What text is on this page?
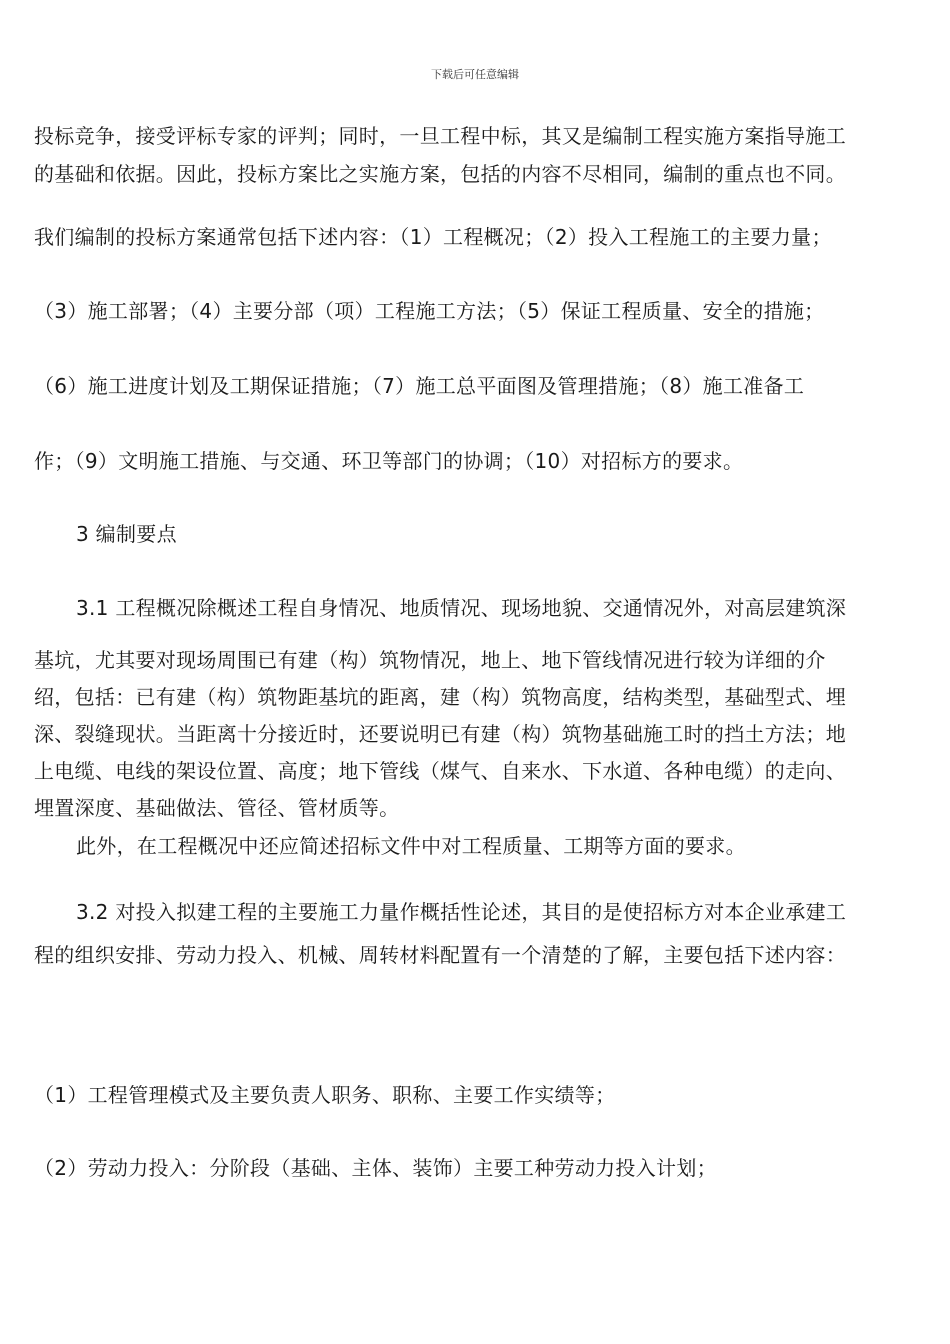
下载后可任意编辑
投标竞争，接受评标专家的评判；同时，一旦工程中标，其又是编制工程实施方案指导施工
的基础和依据。因此，投标方案比之实施方案，包括的内容不尽相同，编制的重点也不同。
我们编制的投标方案通常包括下述内容：（1）工程概况；（2）投入工程施工的主要力量；
（3）施工部署；（4）主要分部（项）工程施工方法；（5）保证工程质量、安全的措施；
（6）施工进度计划及工期保证措施；（7）施工总平面图及管理措施；（8）施工准备工
作；（9）文明施工措施、与交通、环卫等部门的协调；（10）对招标方的要求。
3 编制要点
3.1 工程概况除概述工程自身情况、地质情况、现场地貌、交通情况外，对高层建筑深
基坑，尤其要对现场周围已有建（构）筑物情况，地上、地下管线情况进行较为详细的介
绍，包括：已有建（构）筑物距基坑的距离，建（构）筑物高度，结构类型，基础型式、埋
深、裂缝现状。当距离十分接近时，还要说明已有建（构）筑物基础施工时的挡土方法；地
上电缆、电线的架设位置、高度；地下管线（煤气、自来水、下水道、各种电缆）的走向、
埋置深度、基础做法、管径、管材质等。
此外，在工程概况中还应简述招标文件中对工程质量、工期等方面的要求。
3.2 对投入拟建工程的主要施工力量作概括性论述，其目的是使招标方对本企业承建工
程的组织安排、劳动力投入、机械、周转材料配置有一个清楚的了解，主要包括下述内容：
（1）工程管理模式及主要负责人职务、职称、主要工作实绩等；
（2）劳动力投入：分阶段（基础、主体、装饰）主要工种劳动力投入计划；
